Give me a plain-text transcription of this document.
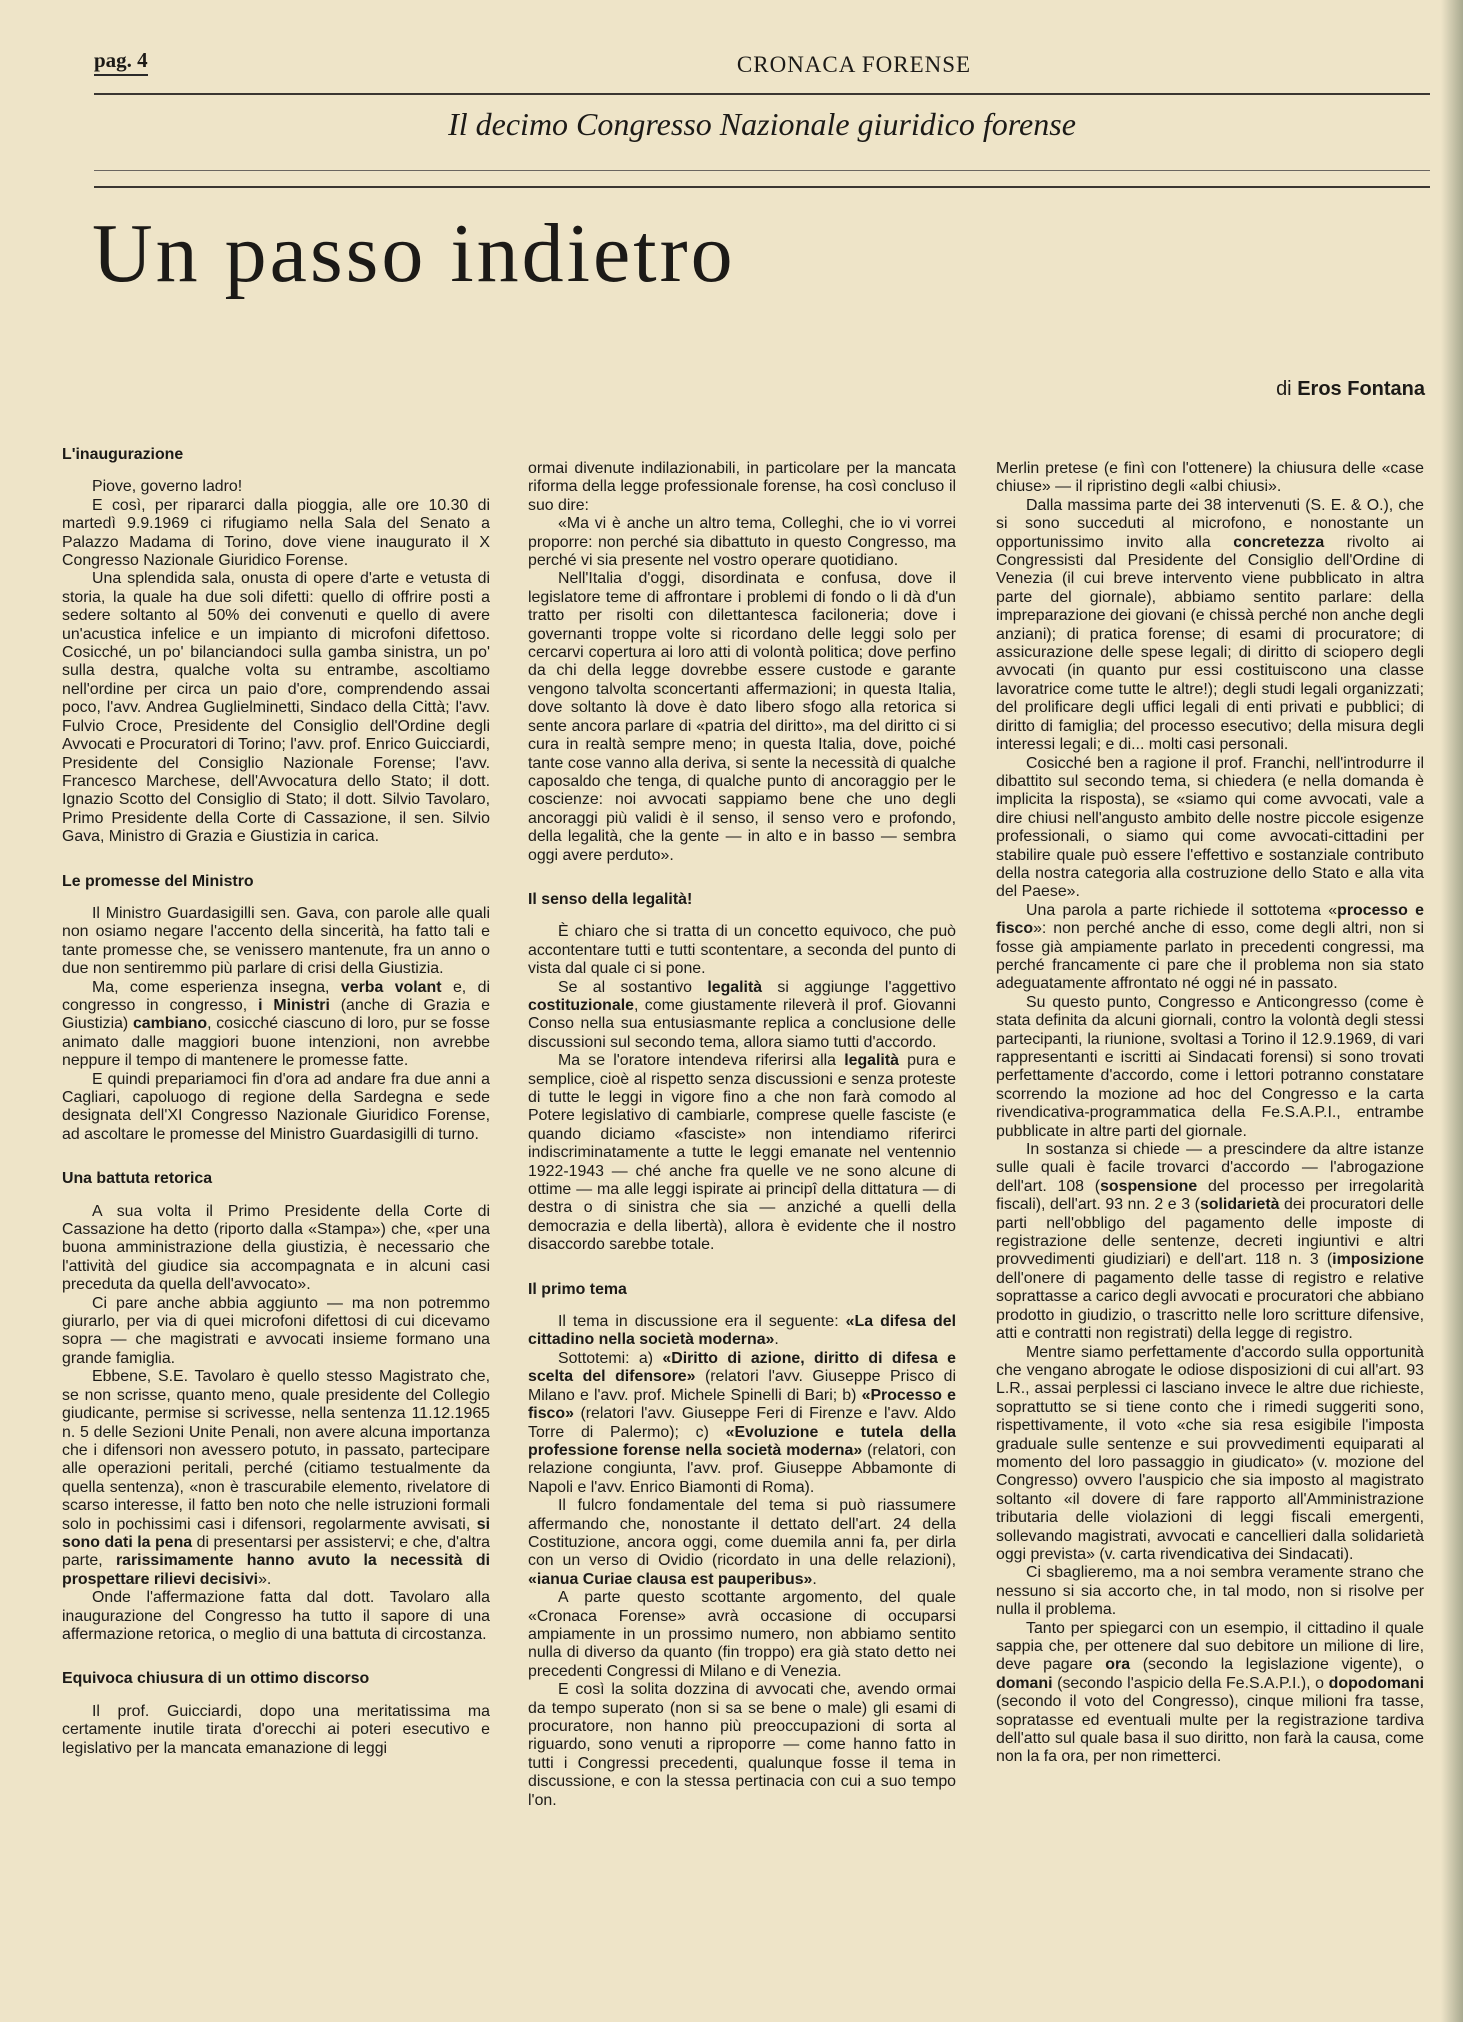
pag. 4	CRONACA FORENSE
Il decimo Congresso Nazionale giuridico forense
Un passo indietro
di Eros Fontana
L'inaugurazione

Piove, governo ladro!

E così, per ripararci dalla pioggia, alle ore 10.30 di martedì 9.9.1969 ci rifugiamo nella Sala del Senato a Palazzo Madama di Torino, dove viene inaugurato il X Congresso Nazionale Giuridico Forense.

Una splendida sala, onusta di opere d'arte e vetusta di storia, la quale ha due soli difetti: quello di offrire posti a sedere soltanto al 50% dei convenuti e quello di avere un'acustica infelice e un impianto di microfoni difettoso. Cosicché, un po' bilanciandoci sulla gamba sinistra, un po' sulla destra, qualche volta su entrambe, ascoltiamo nell'ordine per circa un paio d'ore, comprendendo assai poco, l'avv. Andrea Guglielminetti, Sindaco della Città; l'avv. Fulvio Croce, Presidente del Consiglio dell'Ordine degli Avvocati e Procuratori di Torino; l'avv. prof. Enrico Guicciardi, Presidente del Consiglio Nazionale Forense; l'avv. Francesco Marchese, dell'Avvocatura dello Stato; il dott. Ignazio Scotto del Consiglio di Stato; il dott. Silvio Tavolaro, Primo Presidente della Corte di Cassazione, il sen. Silvio Gava, Ministro di Grazia e Giustizia in carica.

Le promesse del Ministro

Il Ministro Guardasigilli sen. Gava, con parole alle quali non osiamo negare l'accento della sincerità, ha fatto tali e tante promesse che, se venissero mantenute, fra un anno o due non sentiremmo più parlare di crisi della Giustizia.

Ma, come esperienza insegna, verba volant e, di congresso in congresso, i Ministri (anche di Grazia e Giustizia) cambiano, cosicché ciascuno di loro, pur se fosse animato dalle maggiori buone intenzioni, non avrebbe neppure il tempo di mantenere le promesse fatte.

E quindi prepariamoci fin d'ora ad andare fra due anni a Cagliari, capoluogo di regione della Sardegna e sede designata dell'XI Congresso Nazionale Giuridico Forense, ad ascoltare le promesse del Ministro Guardasigilli di turno.

Una battuta retorica

A sua volta il Primo Presidente della Corte di Cassazione ha detto (riporto dalla «Stampa») che, «per una buona amministrazione della giustizia, è necessario che l'attività del giudice sia accompagnata e in alcuni casi preceduta da quella dell'avvocato».

Ci pare anche abbia aggiunto — ma non potremmo giurarlo, per via di quei microfoni difettosi di cui dicevamo sopra — che magistrati e avvocati insieme formano una grande famiglia.

Ebbene, S.E. Tavolaro è quello stesso Magistrato che, se non scrisse, quanto meno, quale presidente del Collegio giudicante, permise si scrivesse, nella sentenza 11.12.1965 n. 5 delle Sezioni Unite Penali, non avere alcuna importanza che i difensori non avessero potuto, in passato, partecipare alle operazioni peritali, perché (citiamo testualmente da quella sentenza), «non è trascurabile elemento, rivelatore di scarso interesse, il fatto ben noto che nelle istruzioni formali solo in pochissimi casi i difensori, regolarmente avvisati, si sono dati la pena di presentarsi per assistervi; e che, d'altra parte, rarissimamente hanno avuto la necessità di prospettare rilievi decisivi».

Onde l'affermazione fatta dal dott. Tavolaro alla inaugurazione del Congresso ha tutto il sapore di una affermazione retorica, o meglio di una battuta di circostanza.

Equivoca chiusura di un ottimo discorso

Il prof. Guicciardi, dopo una meritatissima ma certamente inutile tirata d'orecchi ai poteri esecutivo e legislativo per la mancata emanazione di leggi

ormai divenute indilazionabili, in particolare per la mancata riforma della legge professionale forense, ha così concluso il suo dire:

«Ma vi è anche un altro tema, Colleghi, che io vi vorrei proporre: non perché sia dibattuto in questo Congresso, ma perché vi sia presente nel vostro operare quotidiano.

Nell'Italia d'oggi, disordinata e confusa, dove il legislatore teme di affrontare i problemi di fondo o li dà d'un tratto per risolti con dilettantesca faciloneria; dove i governanti troppe volte si ricordano delle leggi solo per cercarvi copertura ai loro atti di volontà politica; dove perfino da chi della legge dovrebbe essere custode e garante vengono talvolta sconcertanti affermazioni; in questa Italia, dove soltanto là dove è dato libero sfogo alla retorica si sente ancora parlare di «patria del diritto», ma del diritto ci si cura in realtà sempre meno; in questa Italia, dove, poiché tante cose vanno alla deriva, si sente la necessità di qualche caposaldo che tenga, di qualche punto di ancoraggio per le coscienze: noi avvocati sappiamo bene che uno degli ancoraggi più validi è il senso, il senso vero e profondo, della legalità, che la gente — in alto e in basso — sembra oggi avere perduto».

Il senso della legalità!

È chiaro che si tratta di un concetto equivoco, che può accontentare tutti e tutti scontentare, a seconda del punto di vista dal quale ci si pone.

Se al sostantivo legalità si aggiunge l'aggettivo costituzionale, come giustamente rileverà il prof. Giovanni Conso nella sua entusiasmante replica a conclusione delle discussioni sul secondo tema, allora siamo tutti d'accordo.

Ma se l'oratore intendeva riferirsi alla legalità pura e semplice, cioè al rispetto senza discussioni e senza proteste di tutte le leggi in vigore fino a che non farà comodo al Potere legislativo di cambiarle, comprese quelle fasciste (e quando diciamo «fasciste» non intendiamo riferirci indiscriminatamente a tutte le leggi emanate nel ventennio 1922-1943 — ché anche fra quelle ve ne sono alcune di ottime — ma alle leggi ispirate ai principî della dittatura — di destra o di sinistra che sia — anziché a quelli della democrazia e della libertà), allora è evidente che il nostro disaccordo sarebbe totale.

Il primo tema

Il tema in discussione era il seguente: «La difesa del cittadino nella società moderna».

Sottotemi: a) «Diritto di azione, diritto di difesa e scelta del difensore» (relatori l'avv. Giuseppe Prisco di Milano e l'avv. prof. Michele Spinelli di Bari; b) «Processo e fisco» (relatori l'avv. Giuseppe Feri di Firenze e l'avv. Aldo Torre di Palermo); c) «Evoluzione e tutela della professione forense nella società moderna» (relatori, con relazione congiunta, l'avv. prof. Giuseppe Abbamonte di Napoli e l'avv. Enrico Biamonti di Roma).

Il fulcro fondamentale del tema si può riassumere affermando che, nonostante il dettato dell'art. 24 della Costituzione, ancora oggi, come duemila anni fa, per dirla con un verso di Ovidio (ricordato in una delle relazioni), «ianua Curiae clausa est pauperibus».

A parte questo scottante argomento, del quale «Cronaca Forense» avrà occasione di occuparsi ampiamente in un prossimo numero, non abbiamo sentito nulla di diverso da quanto (fin troppo) era già stato detto nei precedenti Congressi di Milano e di Venezia.

E così la solita dozzina di avvocati che, avendo ormai da tempo superato (non si sa se bene o male) gli esami di procuratore, non hanno più preoccupazioni di sorta al riguardo, sono venuti a riproporre — come hanno fatto in tutti i Congressi precedenti, qualunque fosse il tema in discussione, e con la stessa pertinacia con cui a suo tempo l'on.

Merlin pretese (e finì con l'ottenere) la chiusura delle «case chiuse» — il ripristino degli «albi chiusi».

Dalla massima parte dei 38 intervenuti (S. E. & O.), che si sono succeduti al microfono, e nonostante un opportunissimo invito alla concretezza rivolto ai Congressisti dal Presidente del Consiglio dell'Ordine di Venezia (il cui breve intervento viene pubblicato in altra parte del giornale), abbiamo sentito parlare: della impreparazione dei giovani (e chissà perché non anche degli anziani); di pratica forense; di esami di procuratore; di assicurazione delle spese legali; di diritto di sciopero degli avvocati (in quanto pur essi costituiscono una classe lavoratrice come tutte le altre!); degli studi legali organizzati; del prolificare degli uffici legali di enti privati e pubblici; di diritto di famiglia; del processo esecutivo; della misura degli interessi legali; e di... molti casi personali.

Cosicché ben a ragione il prof. Franchi, nell'introdurre il dibattito sul secondo tema, si chiedera (e nella domanda è implicita la risposta), se «siamo qui come avvocati, vale a dire chiusi nell'angusto ambito delle nostre piccole esigenze professionali, o siamo qui come avvocati-cittadini per stabilire quale può essere l'effettivo e sostanziale contributo della nostra categoria alla costruzione dello Stato e alla vita del Paese».

Una parola a parte richiede il sottotema «processo e fisco»: non perché anche di esso, come degli altri, non si fosse già ampiamente parlato in precedenti congressi, ma perché francamente ci pare che il problema non sia stato adeguatamente affrontato né oggi né in passato.

Su questo punto, Congresso e Anticongresso (come è stata definita da alcuni giornali, contro la volontà degli stessi partecipanti, la riunione, svoltasi a Torino il 12.9.1969, di vari rappresentanti e iscritti ai Sindacati forensi) si sono trovati perfettamente d'accordo, come i lettori potranno constatare scorrendo la mozione ad hoc del Congresso e la carta rivendicativa-programmatica della Fe.S.A.P.I., entrambe pubblicate in altre parti del giornale.

In sostanza si chiede — a prescindere da altre istanze sulle quali è facile trovarci d'accordo — l'abrogazione dell'art. 108 (sospensione del processo per irregolarità fiscali), dell'art. 93 nn. 2 e 3 (solidarietà dei procuratori delle parti nell'obbligo del pagamento delle imposte di registrazione delle sentenze, decreti ingiuntivi e altri provvedimenti giudiziari) e dell'art. 118 n. 3 (imposizione dell'onere di pagamento delle tasse di registro e relative soprattasse a carico degli avvocati e procuratori che abbiano prodotto in giudizio, o trascritto nelle loro scritture difensive, atti e contratti non registrati) della legge di registro.

Mentre siamo perfettamente d'accordo sulla opportunità che vengano abrogate le odiose disposizioni di cui all'art. 93 L.R., assai perplessi ci lasciano invece le altre due richieste, soprattutto se si tiene conto che i rimedi suggeriti sono, rispettivamente, il voto «che sia resa esigibile l'imposta graduale sulle sentenze e sui provvedimenti equiparati al momento del loro passaggio in giudicato» (v. mozione del Congresso) ovvero l'auspicio che sia imposto al magistrato soltanto «il dovere di fare rapporto all'Amministrazione tributaria delle violazioni di leggi fiscali emergenti, sollevando magistrati, avvocati e cancellieri dalla solidarietà oggi prevista» (v. carta rivendicativa dei Sindacati).

Ci sbaglieremo, ma a noi sembra veramente strano che nessuno si sia accorto che, in tal modo, non si risolve per nulla il problema.

Tanto per spiegarci con un esempio, il cittadino il quale sappia che, per ottenere dal suo debitore un milione di lire, deve pagare ora (secondo la legislazione vigente), o domani (secondo l'aspicio della Fe.S.A.P.I.), o dopodomani (secondo il voto del Congresso), cinque milioni fra tasse, sopratasse ed eventuali multe per la registrazione tardiva dell'atto sul quale basa il suo diritto, non farà la causa, come non la fa ora, per non rimetterci.
